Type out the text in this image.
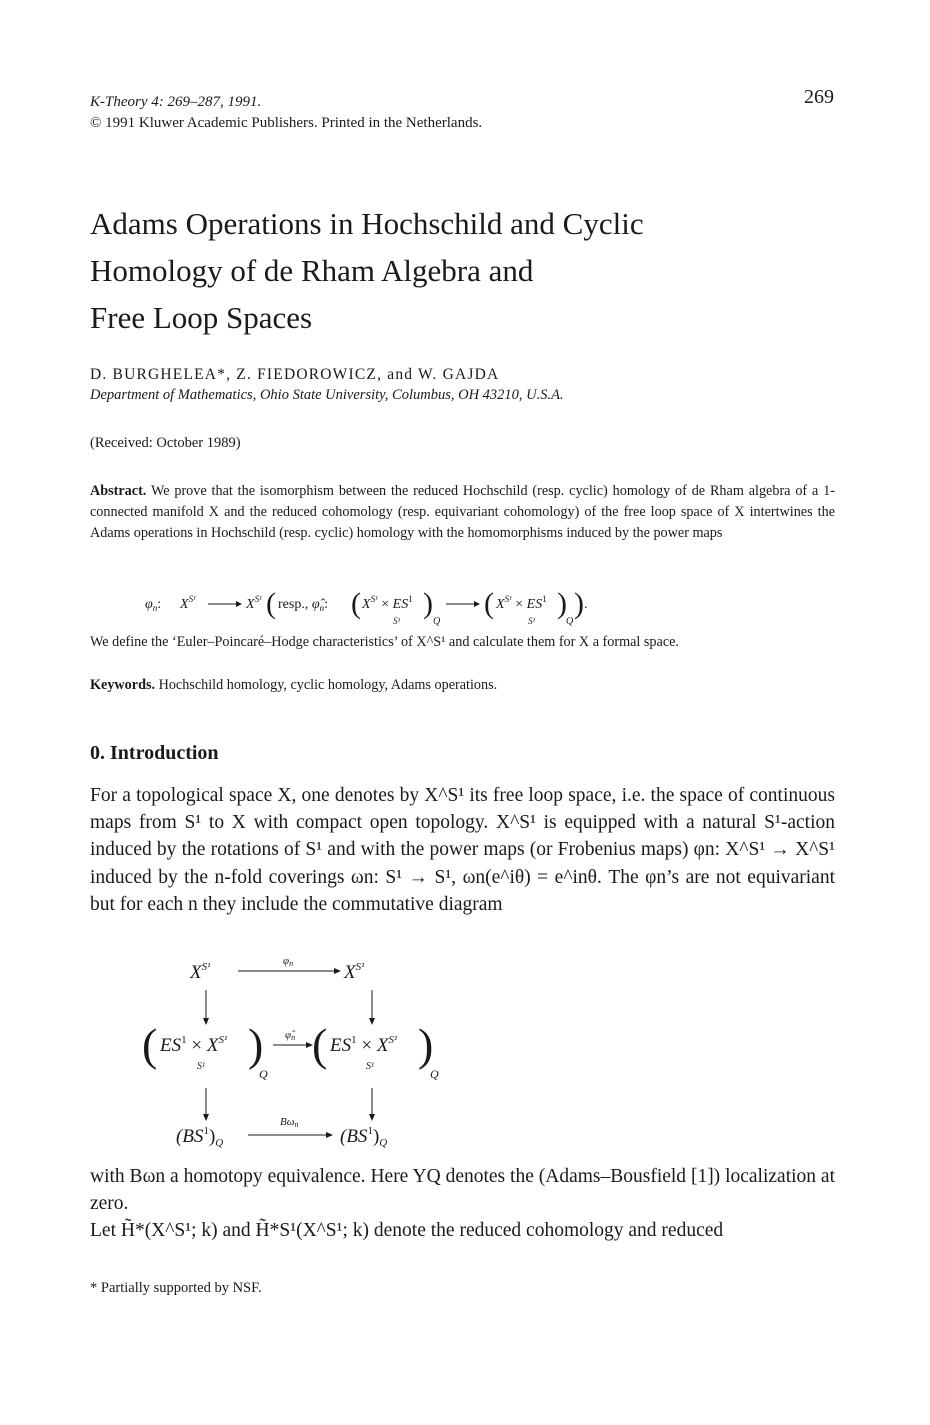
K-Theory 4: 269–287, 1991.
© 1991 Kluwer Academic Publishers. Printed in the Netherlands.
269
Adams Operations in Hochschild and Cyclic
Homology of de Rham Algebra and
Free Loop Spaces
D. BURGHELEA*, Z. FIEDOROWICZ, and W. GAJDA
Department of Mathematics, Ohio State University, Columbus, OH 43210, U.S.A.
(Received: October 1989)
Abstract. We prove that the isomorphism between the reduced Hochschild (resp. cyclic) homology of de Rham algebra of a 1-connected manifold X and the reduced cohomology (resp. equivariant cohomology) of the free loop space of X intertwines the Adams operations in Hochschild (resp. cyclic) homology with the homomorphisms induced by the power maps
$\varphi_n$: $X^{S^1}$	$X^{S^1}$ ( resp., $\varphî_n$: ( $X^{S^1} \times ES^1$
S¹
)
Q
( $X^{S^1} \times ES^1$
S¹
)
Q
) .
We define the ‘Euler–Poincaré–Hodge characteristics’ of X^S¹ and calculate them for X a formal space.
Keywords. Hochschild homology, cyclic homology, Adams operations.
0. Introduction
For a topological space X, one denotes by X^S¹ its free loop space, i.e. the space of continuous maps from S¹ to X with compact open topology. X^S¹ is equipped with a natural S¹-action induced by the rotations of S¹ and with the power maps (or Frobenius maps) φn: X^S¹ → X^S¹ induced by the n-fold coverings ωn: S¹ → S¹, ωn(e^iθ) = e^inθ. The φn’s are not equivariant but for each n they include the commutative diagram
$X^{S^1}$	φn	$X^{S^1}$
( $ES^1 \times X^{S^1}$
S¹ )
Q
φ̂n ( $ES^1 \times X^{S^1}$
S¹ )
Q
$(BS^1)_Q$
Bωn
$(BS^1)_Q$
with Bωn a homotopy equivalence. Here YQ denotes the (Adams–Bousfield [1]) localization at zero.
Let H̃*(X^S¹; k) and H̃*S¹(X^S¹; k) denote the reduced cohomology and reduced
* Partially supported by NSF.
